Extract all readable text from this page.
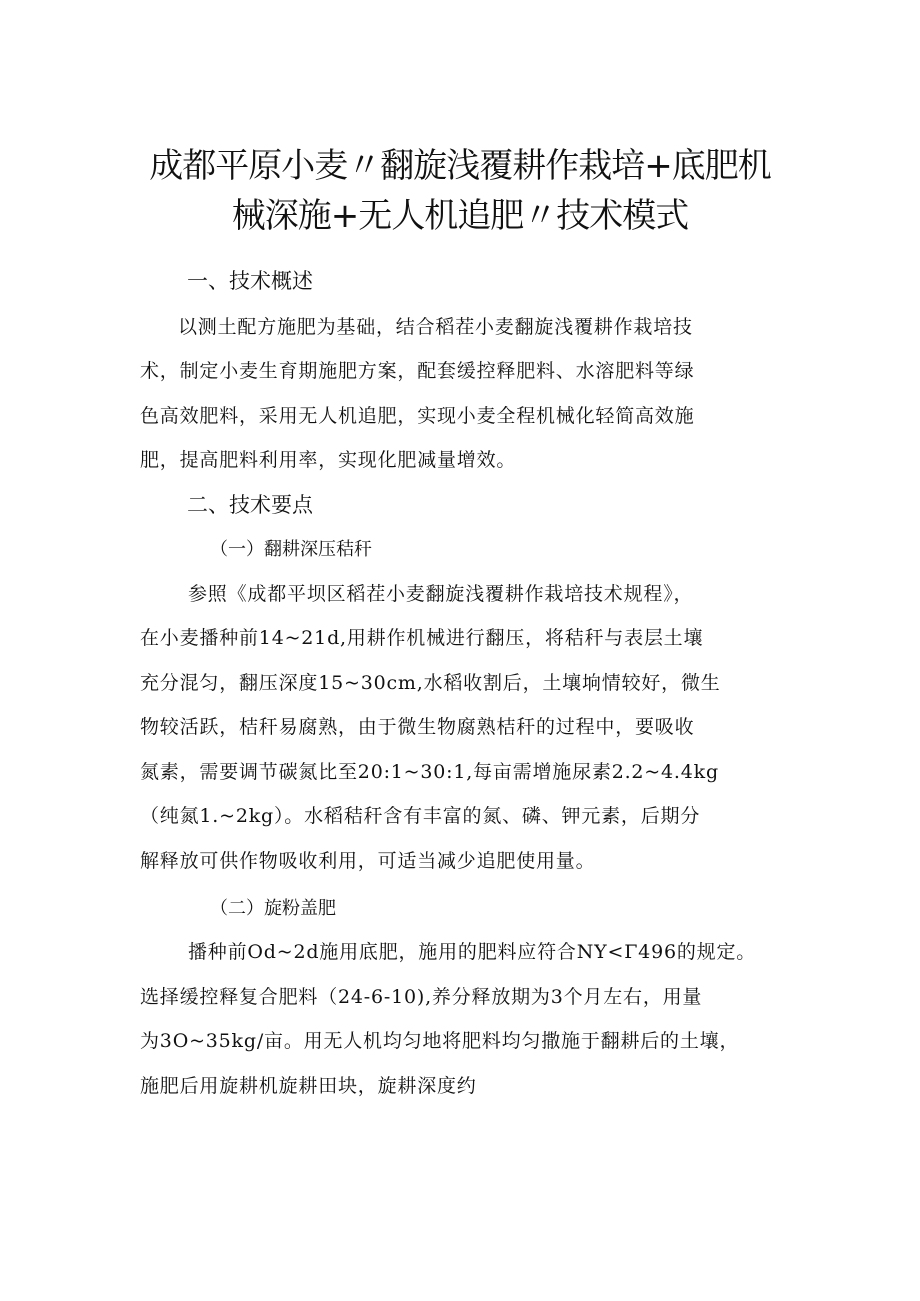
成都平原小麦〃翻旋浅覆耕作栽培+底肥机
械深施+无人机追肥〃技术模式
一、技术概述
以测土配方施肥为基础，结合稻茬小麦翻旋浅覆耕作栽培技
术，制定小麦生育期施肥方案，配套缓控释肥料、水溶肥料等绿
色高效肥料，采用无人机追肥，实现小麦全程机械化轻简高效施
肥，提高肥料利用率，实现化肥减量增效。
二、技术要点
（一）翻耕深压秸秆
参照《成都平坝区稻茬小麦翻旋浅覆耕作栽培技术规程》，
在小麦播种前14~21d,用耕作机械进行翻压，将秸秆与表层土壤
充分混匀，翻压深度15~30cm,水稻收割后，土壤垧情较好，微生
物较活跃，桔秆易腐熟，由于微生物腐熟桔秆的过程中，要吸收
氮素，需要调节碳氮比至20:1~30:1,每亩需增施尿素2.2~4.4kg
（纯氮1.~2kg）。水稻秸秆含有丰富的氮、磷、钾元素，后期分
解释放可供作物吸收利用，可适当减少追肥使用量。
（二）旋粉盖肥
播种前Od~2d施用底肥，施用的肥料应符合NY<Γ496的规定。
选择缓控释复合肥料（24-6-10),养分释放期为3个月左右，用量
为3O~35kg/亩。用无人机均匀地将肥料均匀撒施于翻耕后的土壤，
施肥后用旋耕机旋耕田块，旋耕深度约
